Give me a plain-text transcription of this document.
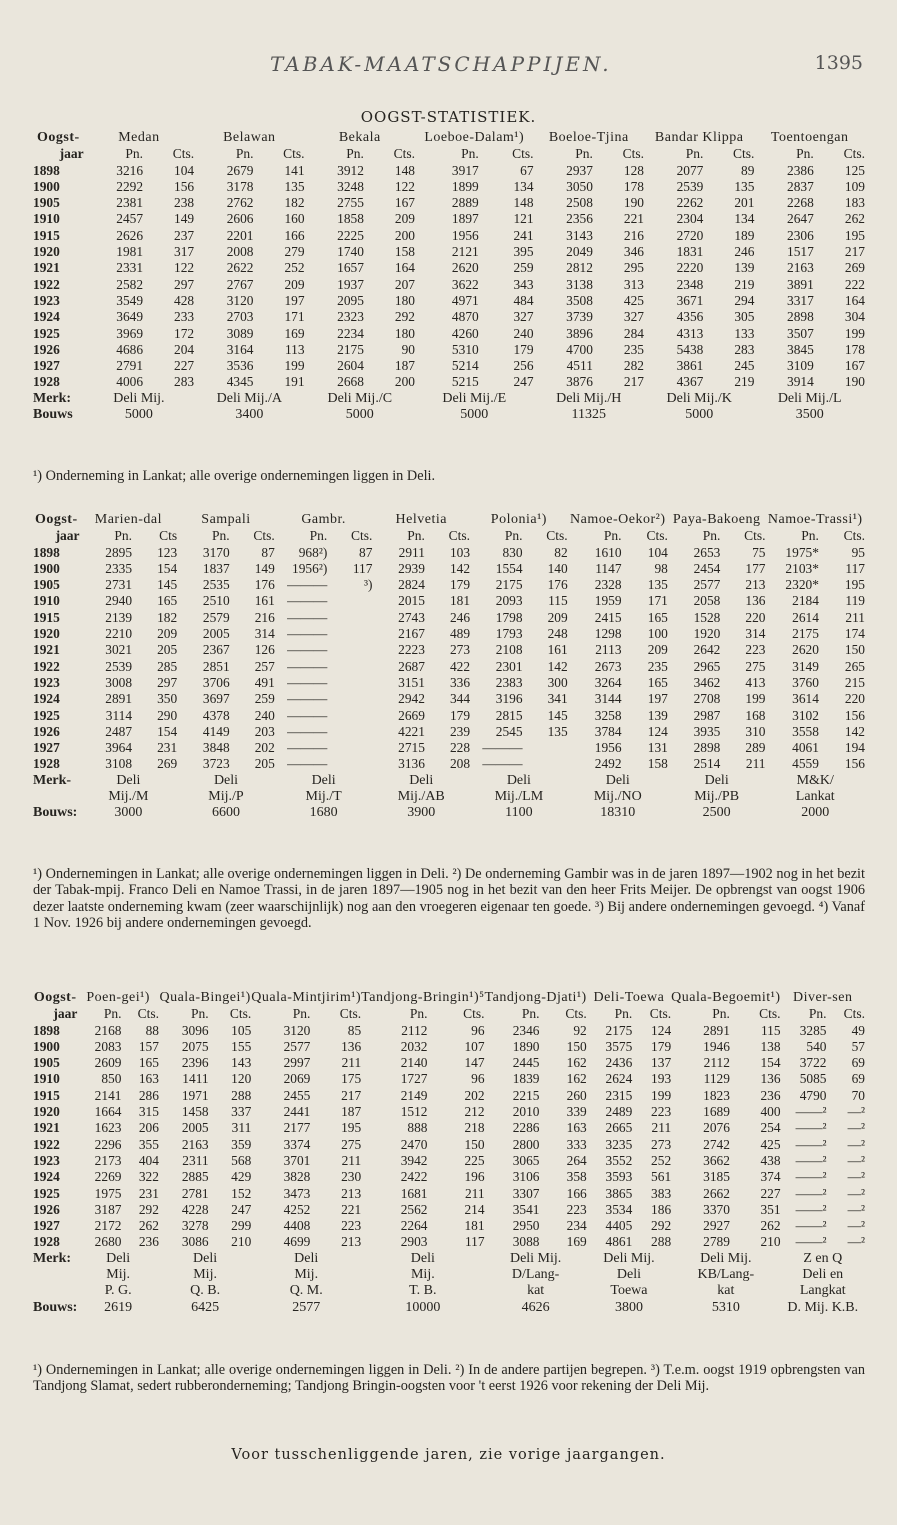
TABAK-MAATSCHAPPIJEN.	1395
OOGST-STATISTIEK.
Oogst-	Medan		Belawan		Bekala		Loeboe-Dalam¹)		Boeloe-Tjina		Bandar Klippa		Toentoengan	
jaar	Pn.	Cts.	Pn.	Cts.	Pn.	Cts.	Pn.	Cts.	Pn.	Cts.	Pn.	Cts.	Pn.	Cts.
1898	3216	104	2679	141	3912	148	3917	67	2937	128	2077	89	2386	125
1900	2292	156	3178	135	3248	122	1899	134	3050	178	2539	135	2837	109
1905	2381	238	2762	182	2755	167	2889	148	2508	190	2262	201	2268	183
1910	2457	149	2606	160	1858	209	1897	121	2356	221	2304	134	2647	262
1915	2626	237	2201	166	2225	200	1956	241	3143	216	2720	189	2306	195
1920	1981	317	2008	279	1740	158	2121	395	2049	346	1831	246	1517	217
1921	2331	122	2622	252	1657	164	2620	259	2812	295	2220	139	2163	269
1922	2582	297	2767	209	1937	207	3622	343	3138	313	2348	219	3891	222
1923	3549	428	3120	197	2095	180	4971	484	3508	425	3671	294	3317	164
1924	3649	233	2703	171	2323	292	4870	327	3739	327	4356	305	2898	304
1925	3969	172	3089	169	2234	180	4260	240	3896	284	4313	133	3507	199
1926	4686	204	3164	113	2175	90	5310	179	4700	235	5438	283	3845	178
1927	2791	227	3536	199	2604	187	5214	256	4511	282	3861	245	3109	167
1928	4006	283	4345	191	2668	200	5215	247	3876	217	4367	219	3914	190
Merk:	Deli Mij.		Deli Mij./A		Deli Mij./C		Deli Mij./E		Deli Mij./H		Deli Mij./K		Deli Mij./L	
Bouws	5000		3400		5000		5000		11325		5000		3500	
¹) Onderneming in Lankat; alle overige ondernemingen liggen in Deli.
Oogst-	Marien-dal		Sampali		Gambr.		Helvetia		Polonia¹)		Namoe-Oekor²)		Paya-Bakoeng		Namoe-Trassi¹)	
jaar	Pn.	Cts	Pn.	Cts.	Pn.	Cts.	Pn.	Cts.	Pn.	Cts.	Pn.	Cts.	Pn.	Cts.	Pn.	Cts.
1898	2895	123	3170	87	968²)	87	2911	103	830	82	1610	104	2653	75	1975*	95
1900	2335	154	1837	149	1956²)	117	2939	142	1554	140	1147	98	2454	177	2103*	117
1905	2731	145	2535	176	———	³)	2824	179	2175	176	2328	135	2577	213	2320*	195
1910	2940	165	2510	161	———		2015	181	2093	115	1959	171	2058	136	2184	119
1915	2139	182	2579	216	———		2743	246	1798	209	2415	165	1528	220	2614	211
1920	2210	209	2005	314	———		2167	489	1793	248	1298	100	1920	314	2175	174
1921	3021	205	2367	126	———		2223	273	2108	161	2113	209	2642	223	2620	150
1922	2539	285	2851	257	———		2687	422	2301	142	2673	235	2965	275	3149	265
1923	3008	297	3706	491	———		3151	336	2383	300	3264	165	3462	413	3760	215
1924	2891	350	3697	259	———		2942	344	3196	341	3144	197	2708	199	3614	220
1925	3114	290	4378	240	———		2669	179	2815	145	3258	139	2987	168	3102	156
1926	2487	154	4149	203	———		4221	239	2545	135	3784	124	3935	310	3558	142
1927	3964	231	3848	202	———		2715	228	———		1956	131	2898	289	4061	194
1928	3108	269	3723	205	———		3136	208	———		2492	158	2514	211	4559	156
Merk-	Deli		Deli		Deli		Deli		Deli		Deli		Deli		M&K/	
	Mij./M		Mij./P		Mij./T		Mij./AB		Mij./LM		Mij./NO		Mij./PB		Lankat	
Bouws:	3000		6600		1680		3900		1100		18310		2500		2000	
¹) Ondernemingen in Lankat; alle overige ondernemingen liggen in Deli. ²) De onderneming Gambir was in de jaren 1897—1902 nog in het bezit der Tabak-mpij. Franco Deli en Namoe Trassi, in de jaren 1897—1905 nog in het bezit van den heer Frits Meijer. De opbrengst van oogst 1906 dezer laatste onderneming kwam (zeer waarschijnlijk) nog aan den vroegeren eigenaar ten goede. ³) Bij andere ondernemingen gevoegd. ⁴) Vanaf 1 Nov. 1926 bij andere ondernemingen gevoegd.
Oogst-	Poen-gei¹)		Quala-Bingei¹)		Quala-Mintjirim¹)		Tandjong-Bringin¹)⁵		Tandjong-Djati¹)		Deli-Toewa		Quala-Begoemit¹)		Diver-sen	
jaar	Pn.	Cts.	Pn.	Cts.	Pn.	Cts.	Pn.	Cts.	Pn.	Cts.	Pn.	Cts.	Pn.	Cts.	Pn.	Cts.
1898	2168	88	3096	105	3120	85	2112	96	2346	92	2175	124	2891	115	3285	49
1900	2083	157	2075	155	2577	136	2032	107	1890	150	3575	179	1946	138	540	57
1905	2609	165	2396	143	2997	211	2140	147	2445	162	2436	137	2112	154	3722	69
1910	850	163	1411	120	2069	175	1727	96	1839	162	2624	193	1129	136	5085	69
1915	2141	286	1971	288	2455	217	2149	202	2215	260	2315	199	1823	236	4790	70
1920	1664	315	1458	337	2441	187	1512	212	2010	339	2489	223	1689	400	——²	—²
1921	1623	206	2005	311	2177	195	888	218	2286	163	2665	211	2076	254	——²	—²
1922	2296	355	2163	359	3374	275	2470	150	2800	333	3235	273	2742	425	——²	—²
1923	2173	404	2311	568	3701	211	3942	225	3065	264	3552	252	3662	438	——²	—²
1924	2269	322	2885	429	3828	230	2422	196	3106	358	3593	561	3185	374	——²	—²
1925	1975	231	2781	152	3473	213	1681	211	3307	166	3865	383	2662	227	——²	—²
1926	3187	292	4228	247	4252	221	2562	214	3541	223	3534	186	3370	351	——²	—²
1927	2172	262	3278	299	4408	223	2264	181	2950	234	4405	292	2927	262	——²	—²
1928	2680	236	3086	210	4699	213	2903	117	3088	169	4861	288	2789	210	——²	—²
Merk:	Deli		Deli		Deli		Deli		Deli Mij.		Deli Mij.		Deli Mij.		Z en Q	
	Mij.		Mij.		Mij.		Mij.		D/Lang-		Deli		KB/Lang-		Deli en	
	P. G.		Q. B.		Q. M.		T. B.		kat		Toewa		kat		Langkat	
Bouws:	2619		6425		2577		10000		4626		3800		5310		D. Mij. K.B.	
¹) Ondernemingen in Lankat; alle overige ondernemingen liggen in Deli. ²) In de andere partijen begrepen. ³) T.e.m. oogst 1919 opbrengsten van Tandjong Slamat, sedert rubberonderneming; Tandjong Bringin-oogsten voor 't eerst 1926 voor rekening der Deli Mij.
Voor tusschenliggende jaren, zie vorige jaargangen.
